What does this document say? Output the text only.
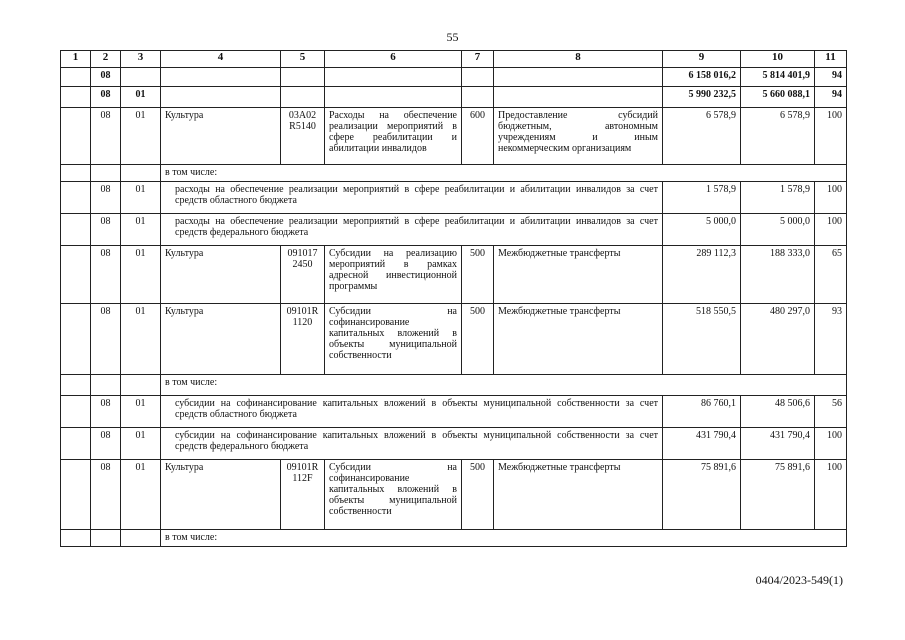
55
1	2	3	4	5	6	7	8	9	10	11
	08							6 158 016,2	5 814 401,9	94
	08	01						5 990 232,5	5 660 088,1	94
	08	01	Культура	03А02 R5140	Расходы на обеспечение реализации мероприятий в сфере реабилитации и абилитации инвалидов	600	Предоставление субсидий бюджетным, автономным учреждениям и иным некоммерческим организациям	6 578,9	6 578,9	100
			в том числе:							
	08	01	расходы на обеспечение реализации мероприятий в сфере реабилитации и абилитации инвалидов за счет средств областного бюджета					1 578,9	1 578,9	100
	08	01	расходы на обеспечение реализации мероприятий в сфере реабилитации и абилитации инвалидов за счет средств федерального бюджета					5 000,0	5 000,0	100
	08	01	Культура	091017 2450	Субсидии на реализацию мероприятий в рамках адресной инвестиционной программы	500	Межбюджетные трансферты	289 112,3	188 333,0	65
	08	01	Культура	09101R 1120	Субсидии на софинансирование капитальных вложений в объекты муниципальной собственности	500	Межбюджетные трансферты	518 550,5	480 297,0	93
			в том числе:							
	08	01	субсидии на софинансирование капитальных вложений в объекты муниципальной собственности за счет средств областного бюджета					86 760,1	48 506,6	56
	08	01	субсидии на софинансирование капитальных вложений в объекты муниципальной собственности за счет средств федерального бюджета					431 790,4	431 790,4	100
	08	01	Культура	09101R 112F	Субсидии на софинансирование капитальных вложений в объекты муниципальной собственности	500	Межбюджетные трансферты	75 891,6	75 891,6	100
			в том числе:							
0404/2023-549(1)
